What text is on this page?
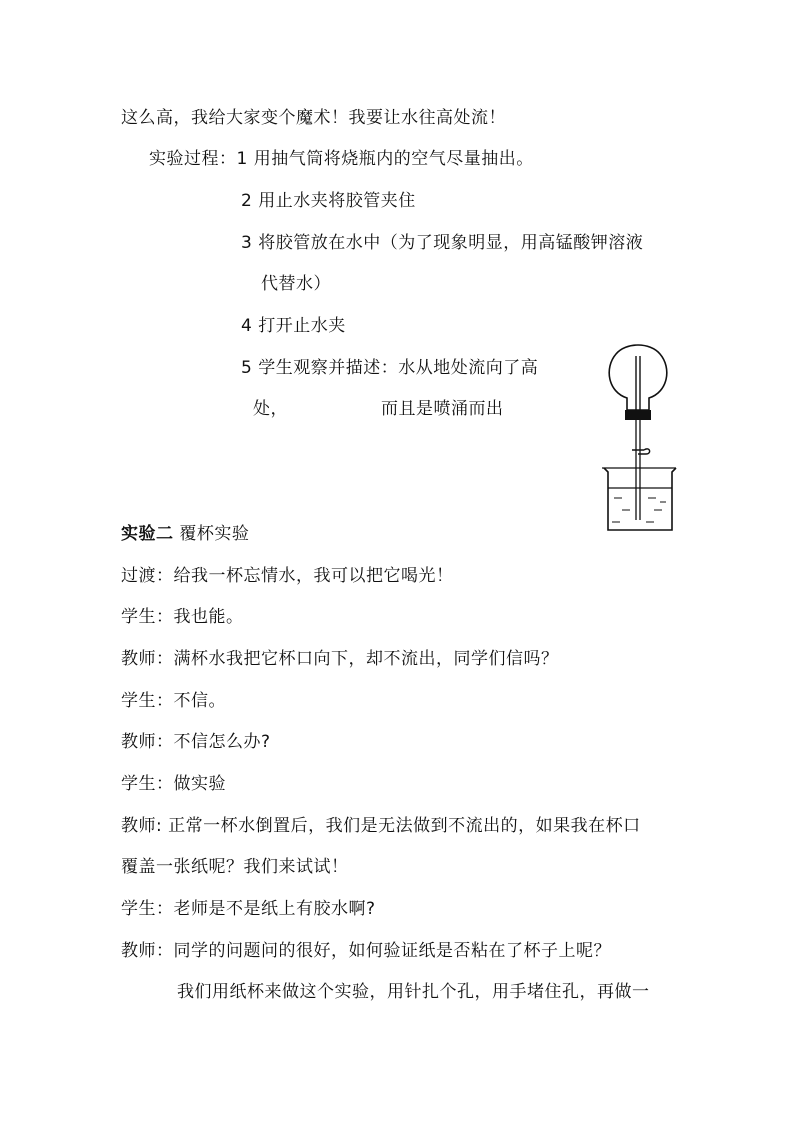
这么高，我给大家变个魔术！我要让水往高处流！
实验过程：1 用抽气筒将烧瓶内的空气尽量抽出。
2 用止水夹将胶管夹住
3 将胶管放在水中（为了现象明显，用高锰酸钾溶液
代替水）
4 打开止水夹
5 学生观察并描述：水从地处流向了高
处，	而且是喷涌而出
实验二 覆杯实验
过渡：给我一杯忘情水，我可以把它喝光！
学生：我也能。
教师：满杯水我把它杯口向下，却不流出，同学们信吗？
学生：不信。
教师：不信怎么办?
学生：做实验
教师: 正常一杯水倒置后，我们是无法做到不流出的，如果我在杯口
覆盖一张纸呢？我们来试试！
学生：老师是不是纸上有胶水啊?
教师：同学的问题问的很好，如何验证纸是否粘在了杯子上呢？
我们用纸杯来做这个实验，用针扎个孔，用手堵住孔，再做一
